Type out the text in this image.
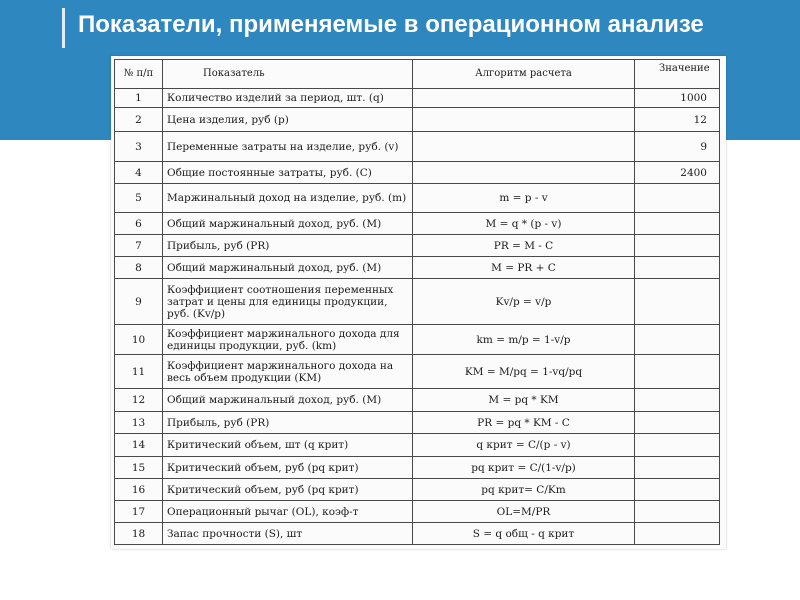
Показатели, применяемые в операционном анализе
№ п/п	Показатель	Алгоритм расчета	Значение
1	Количество изделий за период, шт. (q)		1000
2	Цена изделия, руб (р)		12
3	Переменные затраты на изделие, руб. (v)		9
4	Общие постоянные затраты, руб. (С)		2400
5	Маржинальный доход на изделие, руб. (m)	m = p - v	
6	Общий маржинальный доход, руб. (М)	М = q * (p - v)	
7	Прибыль, руб (PR)	PR = М - С	
8	Общий маржинальный доход, руб. (М)	М = PR + C	
9	Коэффициент соотношения переменных затрат и цены для единицы продукции, руб. (Kv/p)	Kv/p = v/p	
10	Коэффициент маржинального дохода для единицы продукции, руб. (km)	km = m/p = 1-v/p	
11	Коэффициент маржинального дохода на весь объем продукции (KM)	KM = M/pq = 1-vq/pq	
12	Общий маржинальный доход, руб. (М)	М = pq * KM	
13	Прибыль, руб (PR)	PR = pq * KM - C	
14	Критический объем, шт (q крит)	q крит = C/(p - v)	
15	Критический объем, руб (pq крит)	pq крит = C/(1-v/p)	
16	Критический объем, руб (pq крит)	pq крит= C/Km	
17	Операционный рычаг (OL), коэф-т	OL=M/PR	
18	Запас прочности (S), шт	S = q общ - q крит	
